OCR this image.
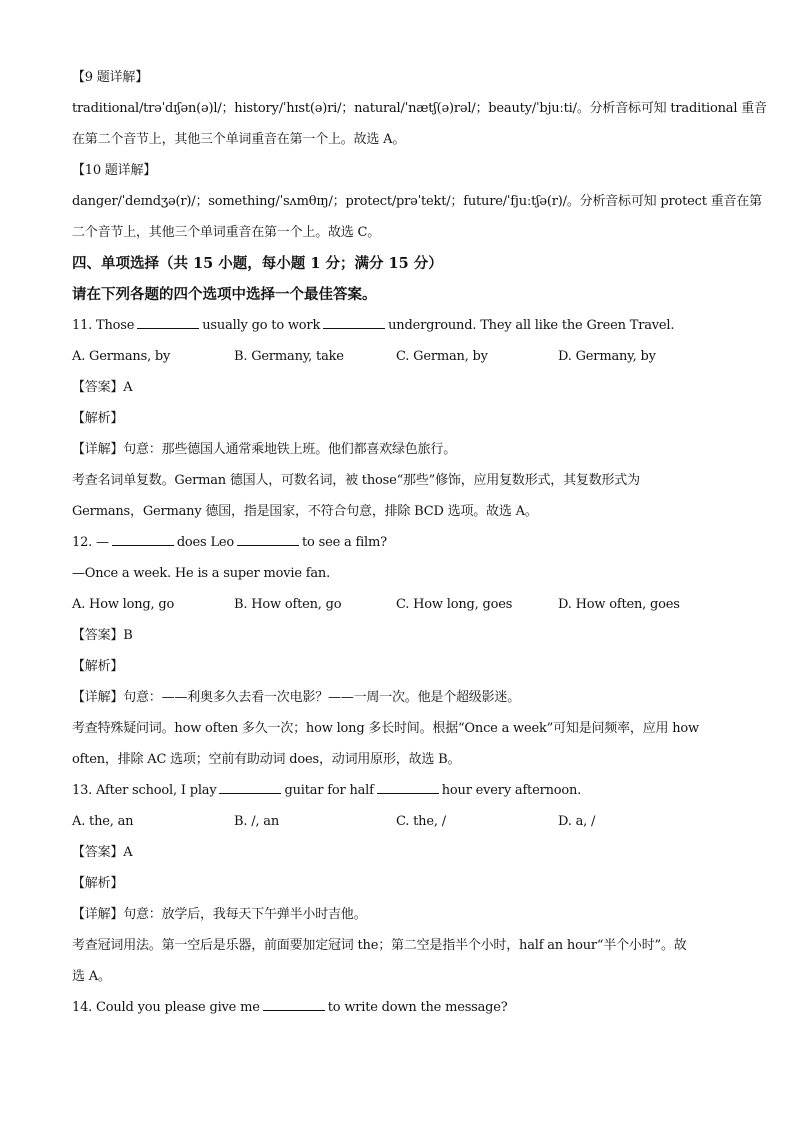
【9 题详解】
traditional/trəˈdɪʃən(ə)l/；history/ˈhɪst(ə)ri/；natural/ˈnætʃ(ə)rəl/；beauty/ˈbjuːti/。分析音标可知 traditional 重音
在第二个音节上，其他三个单词重音在第一个上。故选 A。
【10 题详解】
danger/ˈdeɪndʒə(r)/；something/ˈsʌmθɪŋ/；protect/prəˈtekt/；future/ˈfjuːtʃə(r)/。分析音标可知 protect 重音在第
二个音节上，其他三个单词重音在第一个上。故选 C。
四、单项选择（共 15 小题，每小题 1 分；满分 15 分）
请在下列各题的四个选项中选择一个最佳答案。
11. Those	usually go to work	underground. They all like the Green Travel.
A. Germans, by	B. Germany, take	C. German, by	D. Germany, by
【答案】A
【解析】
【详解】句意：那些德国人通常乘地铁上班。他们都喜欢绿色旅行。
考查名词单复数。German 德国人，可数名词，被 those“那些”修饰，应用复数形式，其复数形式为
Germans，Germany 德国，指是国家，不符合句意，排除 BCD 选项。故选 A。
12. —	does Leo	to see a film?
—Once a week. He is a super movie fan.
A. How long, go	B. How often, go	C. How long, goes	D. How often, goes
【答案】B
【解析】
【详解】句意：——利奥多久去看一次电影？——一周一次。他是个超级影迷。
考查特殊疑问词。how often 多久一次；how long 多长时间。根据“Once a week”可知是问频率，应用 how
often，排除 AC 选项；空前有助动词 does，动词用原形，故选 B。
13. After school, I play	guitar for half	hour every afternoon.
A. the, an	B. /, an	C. the, /	D. a, /
【答案】A
【解析】
【详解】句意：放学后，我每天下午弹半小时吉他。
考查冠词用法。第一空后是乐器，前面要加定冠词 the；第二空是指半个小时，half an hour“半个小时”。故
选 A。
14. Could you please give me	to write down the message?
